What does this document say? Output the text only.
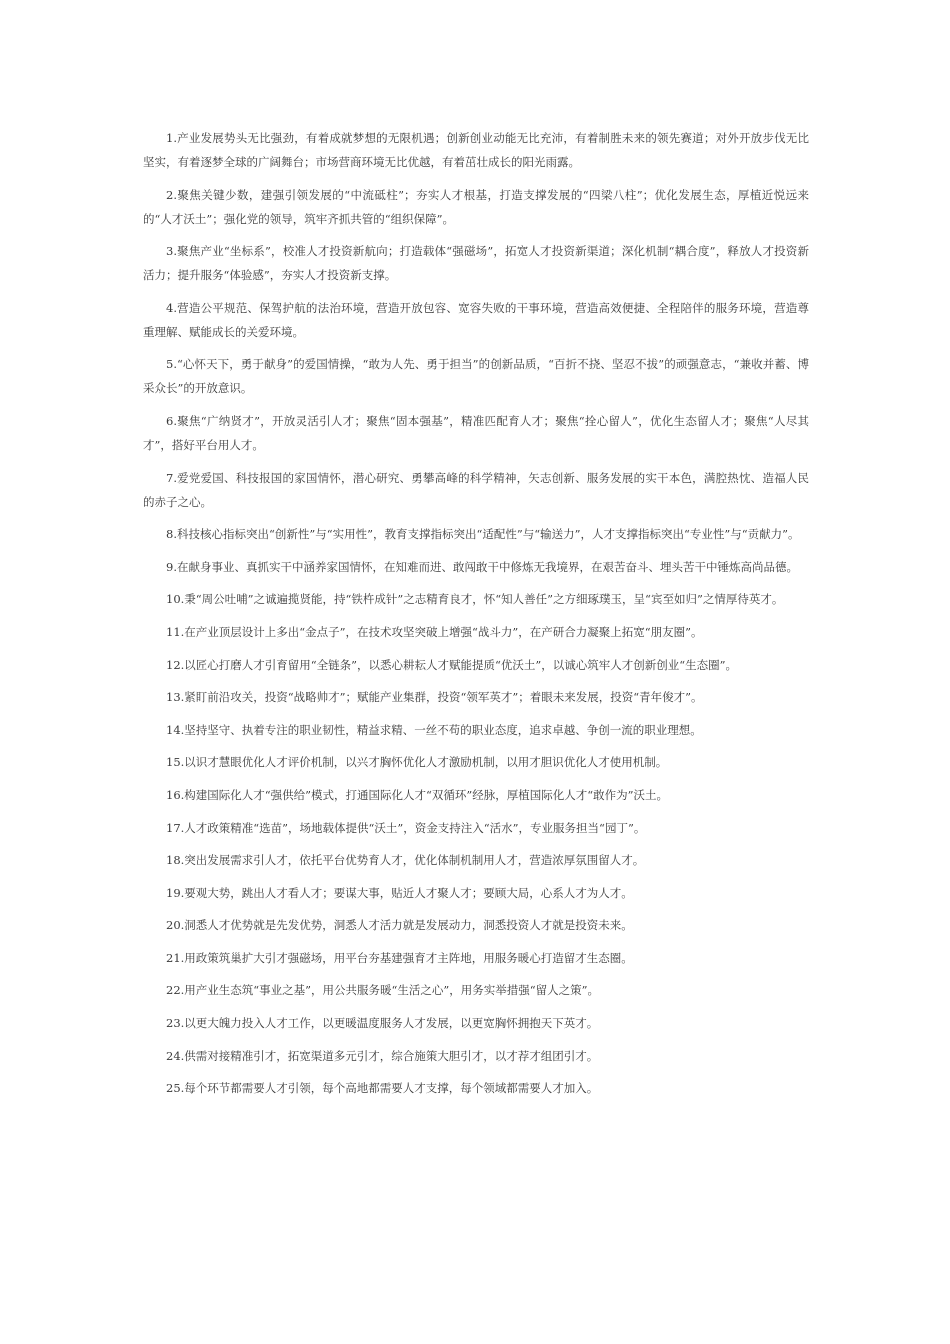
1.产业发展势头无比强劲，有着成就梦想的无限机遇；创新创业动能无比充沛，有着制胜未来的领先赛道；对外开放步伐无比坚实，有着逐梦全球的广阔舞台；市场营商环境无比优越，有着茁壮成长的阳光雨露。

2.聚焦关键少数，建强引领发展的“中流砥柱”；夯实人才根基，打造支撑发展的“四梁八柱”；优化发展生态，厚植近悦远来的“人才沃土”；强化党的领导，筑牢齐抓共管的“组织保障”。

3.聚焦产业“坐标系”，校准人才投资新航向；打造载体“强磁场”，拓宽人才投资新渠道；深化机制“耦合度”，释放人才投资新活力；提升服务“体验感”，夯实人才投资新支撑。

4.营造公平规范、保驾护航的法治环境，营造开放包容、宽容失败的干事环境，营造高效便捷、全程陪伴的服务环境，营造尊重理解、赋能成长的关爱环境。

5.“心怀天下，勇于献身”的爱国情操，“敢为人先、勇于担当”的创新品质，“百折不挠、坚忍不拔”的顽强意志，“兼收并蓄、博采众长”的开放意识。

6.聚焦“广纳贤才”，开放灵活引人才；聚焦“固本强基”，精准匹配育人才；聚焦“拴心留人”，优化生态留人才；聚焦“人尽其才”，搭好平台用人才。

7.爱党爱国、科技报国的家国情怀，潜心研究、勇攀高峰的科学精神，矢志创新、服务发展的实干本色，满腔热忱、造福人民的赤子之心。

8.科技核心指标突出“创新性”与“实用性”，教育支撑指标突出“适配性”与“输送力”，人才支撑指标突出“专业性”与“贡献力”。

9.在献身事业、真抓实干中涵养家国情怀，在知难而进、敢闯敢干中修炼无我境界，在艰苦奋斗、埋头苦干中锤炼高尚品德。

10.秉“周公吐哺”之诚遍揽贤能，持“铁杵成针”之志精育良才，怀“知人善任”之方细琢璞玉，呈“宾至如归”之情厚待英才。

11.在产业顶层设计上多出“金点子”，在技术攻坚突破上增强“战斗力”，在产研合力凝聚上拓宽“朋友圈”。

12.以匠心打磨人才引育留用“全链条”，以悉心耕耘人才赋能提质“优沃土”，以诚心筑牢人才创新创业“生态圈”。

13.紧盯前沿攻关，投资“战略帅才”；赋能产业集群，投资“领军英才”；着眼未来发展，投资“青年俊才”。

14.坚持坚守、执着专注的职业韧性，精益求精、一丝不苟的职业态度，追求卓越、争创一流的职业理想。

15.以识才慧眼优化人才评价机制，以兴才胸怀优化人才激励机制，以用才胆识优化人才使用机制。

16.构建国际化人才“强供给”模式，打通国际化人才“双循环”经脉，厚植国际化人才“敢作为”沃土。

17.人才政策精准“选苗”，场地载体提供“沃土”，资金支持注入“活水”，专业服务担当“园丁”。

18.突出发展需求引人才，依托平台优势育人才，优化体制机制用人才，营造浓厚氛围留人才。

19.要观大势，跳出人才看人才；要谋大事，贴近人才聚人才；要顾大局，心系人才为人才。

20.洞悉人才优势就是先发优势，洞悉人才活力就是发展动力，洞悉投资人才就是投资未来。

21.用政策筑巢扩大引才强磁场，用平台夯基建强育才主阵地，用服务暖心打造留才生态圈。

22.用产业生态筑“事业之基”，用公共服务暖“生活之心”，用务实举措强“留人之策”。

23.以更大魄力投入人才工作，以更暖温度服务人才发展，以更宽胸怀拥抱天下英才。

24.供需对接精准引才，拓宽渠道多元引才，综合施策大胆引才，以才荐才组团引才。

25.每个环节都需要人才引领，每个高地都需要人才支撑，每个领域都需要人才加入。
